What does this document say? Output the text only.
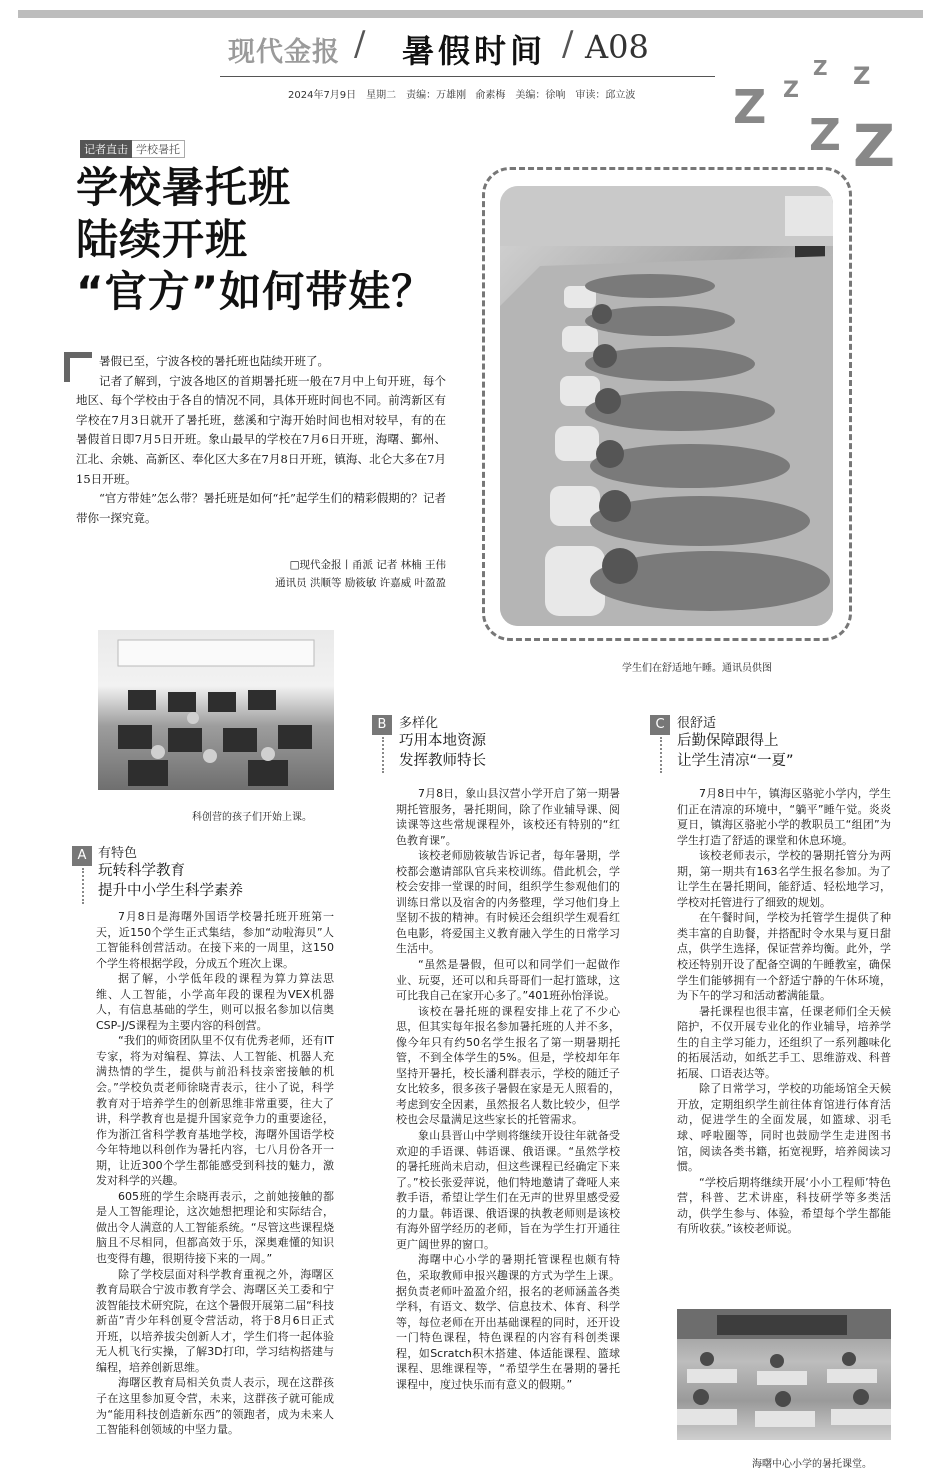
现代金报 / 暑假时间 / A08
2024年7月9日　星期二　责编：万雄刚 俞素梅　美编：徐响　审读：邱立波 Z Z
Z Z
Z Z
记者直击 学校暑托
学校暑托班
陆续开班
“官方”如何带娃？

暑假已至，宁波各校的暑托班也陆续开班了。

记者了解到，宁波各地区的首期暑托班一般在7月中上旬开班，每个地区、每个学校由于各自的情况不同，具体开班时间也不同。前湾新区有学校在7月3日就开了暑托班，慈溪和宁海开始时间也相对较早，有的在暑假首日即7月5日开班。象山最早的学校在7月6日开班，海曙、鄞州、江北、余姚、高新区、奉化区大多在7月8日开班，镇海、北仑大多在7月15日开班。

“官方带娃”怎么带？暑托班是如何“托”起学生们的精彩假期的？记者带你一探究竟。

□现代金报丨甬派 记者 林楠 王伟
通讯员 洪顺等 励筱敏 许嘉威 叶盈盈
学生们在舒适地午睡。通讯员供图
科创营的孩子们开始上课。
A 有特色
玩转科学教育
提升中小学生科学素养

7月8日是海曙外国语学校暑托班开班第一天，近150个学生正式集结，参加“动啦海贝”人工智能科创营活动。在接下来的一周里，这150个学生将根据学段，分成五个班次上课。

据了解，小学低年段的课程为算力算法思维、人工智能，小学高年段的课程为VEX机器人，有信息基础的学生，则可以报名参加以信奥CSP-J/S课程为主要内容的科创营。

“我们的师资团队里不仅有优秀老师，还有IT专家，将为对编程、算法、人工智能、机器人充满热情的学生，提供与前沿科技亲密接触的机会。”学校负责老师徐晓青表示，往小了说，科学教育对于培养学生的创新思维非常重要，往大了讲，科学教育也是提升国家竞争力的重要途径，作为浙江省科学教育基地学校，海曙外国语学校今年特地以科创作为暑托内容，七八月份各开一期，让近300个学生都能感受到科技的魅力，激发对科学的兴趣。

605班的学生余晓再表示，之前她接触的都是人工智能理论，这次她想把理论和实际结合，做出令人满意的人工智能系统。“尽管这些课程烧脑且不尽相同，但都高效于乐，深奥难懂的知识也变得有趣，很期待接下来的一周。”

除了学校层面对科学教育重视之外，海曙区教育局联合宁波市教育学会、海曙区关工委和宁波智能技术研究院，在这个暑假开展第二届“科技新苗”青少年科创夏令营活动，将于8月6日正式开班，以培养拔尖创新人才，学生们将一起体验无人机飞行实操，了解3D打印，学习结构搭建与编程，培养创新思维。

海曙区教育局相关负责人表示，现在这群孩子在这里参加夏令营，未来，这群孩子就可能成为“能用科技创造新东西”的领跑者，成为未来人工智能科创领域的中坚力量。

B 多样化
巧用本地资源
发挥教师特长

7月8日，象山县汉营小学开启了第一期暑期托管服务，暑托期间，除了作业辅导课、阅读课等这些常规课程外，该校还有特别的“红色教育课”。

该校老师励筱敏告诉记者，每年暑期，学校都会邀请部队官兵来校训练。借此机会，学校会安排一堂课的时间，组织学生参观他们的训练日常以及宿舍的内务整理，学习他们身上坚韧不拔的精神。有时候还会组织学生观看红色电影，将爱国主义教育融入学生的日常学习生活中。

“虽然是暑假，但可以和同学们一起做作业、玩耍，还可以和兵哥哥们一起打篮球，这可比我自己在家开心多了。”401班孙怡泽说。

该校在暑托班的课程安排上花了不少心思，但其实每年报名参加暑托班的人并不多，像今年只有约50名学生报名了第一期暑期托管，不到全体学生的5%。但是，学校却年年坚持开暑托，校长潘利群表示，学校的随迁子女比较多，很多孩子暑假在家是无人照看的，考虑到安全因素，虽然报名人数比较少，但学校也会尽量满足这些家长的托管需求。

象山县晋山中学则将继续开设往年就备受欢迎的手语课、韩语课、俄语课。“虽然学校的暑托班尚未启动，但这些课程已经确定下来了。”校长张爱萍说，他们特地邀请了聋哑人来教手语，希望让学生们在无声的世界里感受爱的力量。韩语课、俄语课的执教老师则是该校有海外留学经历的老师，旨在为学生打开通往更广阔世界的窗口。

海曙中心小学的暑期托管课程也颇有特色，采取教师申报兴趣课的方式为学生上课。据负责老师叶盈盈介绍，报名的老师涵盖各类学科，有语文、数学、信息技术、体育、科学等，每位老师在开出基础课程的同时，还开设一门特色课程，特色课程的内容有科创类课程，如Scratch积木搭建、体适能课程、篮球课程、思维课程等，“希望学生在暑期的暑托课程中，度过快乐而有意义的假期。”

C 很舒适
后勤保障跟得上
让学生清凉“一夏”

7月8日中午，镇海区骆驼小学内，学生们正在清凉的环境中，“躺平”睡午觉。炎炎夏日，镇海区骆驼小学的教职员工“组团”为学生打造了舒适的课堂和休息环境。

该校老师表示，学校的暑期托管分为两期，第一期共有163名学生报名参加。为了让学生在暑托期间，能舒适、轻松地学习，学校对托管进行了细致的规划。

在午餐时间，学校为托管学生提供了种类丰富的自助餐，并搭配时令水果与夏日甜点，供学生选择，保证营养均衡。此外，学校还特别开设了配备空调的午睡教室，确保学生们能够拥有一个舒适宁静的午休环境，为下午的学习和活动蓄满能量。

暑托课程也很丰富，任课老师们全天候陪护，不仅开展专业化的作业辅导，培养学生的自主学习能力，还组织了一系列趣味化的拓展活动，如纸艺手工、思维游戏、科普拓展、口语表达等。

除了日常学习，学校的功能场馆全天候开放，定期组织学生前往体育馆进行体育活动，促进学生的全面发展，如篮球、羽毛球、呼啦圈等，同时也鼓励学生走进图书馆，阅读各类书籍，拓宽视野，培养阅读习惯。

“学校后期将继续开展‘小小工程师’特色营，科普、艺术讲座，科技研学等多类活动，供学生参与、体验，希望每个学生都能有所收获。”该校老师说。

海曙中心小学的暑托课堂。
